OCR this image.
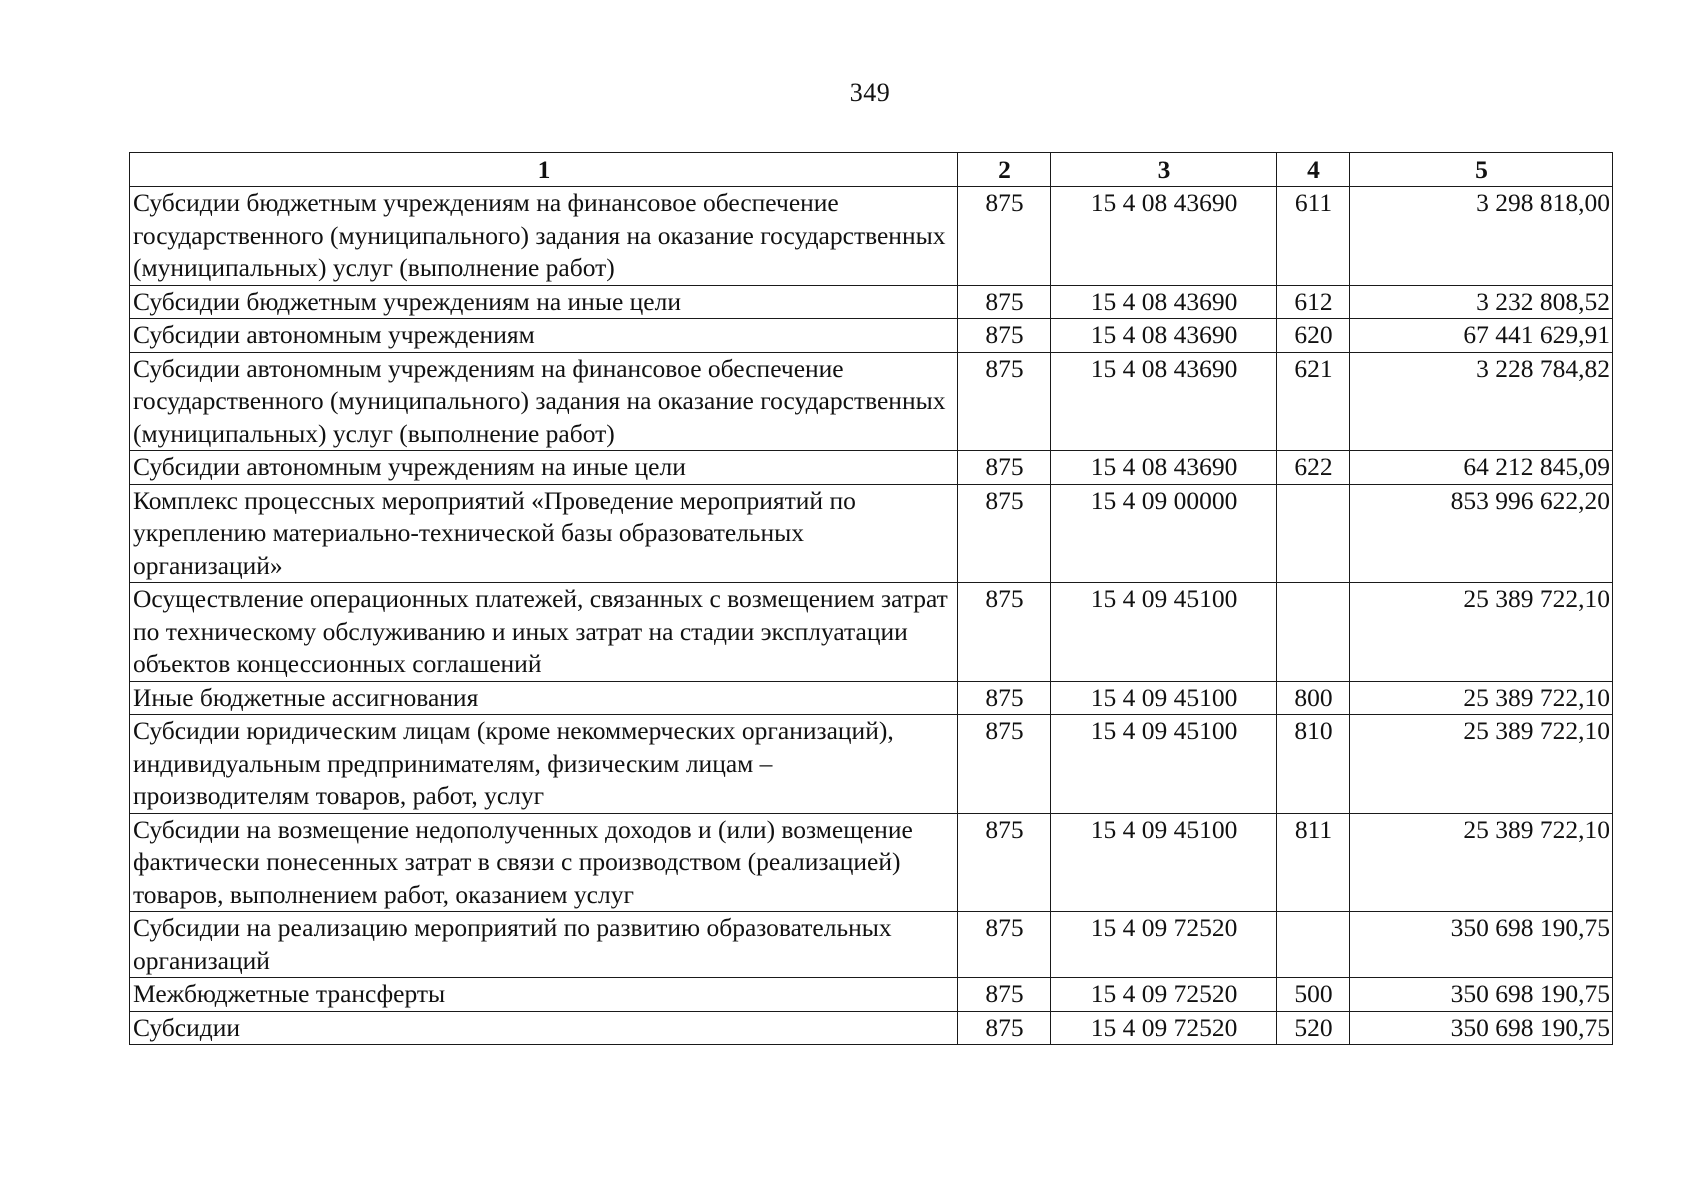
349
1	2	3	4	5
Субсидии бюджетным учреждениям на финансовое обеспечение государственного (муниципального) задания на оказание государственных (муниципальных) услуг (выполнение работ)	875	15 4 08 43690	611	3 298 818,00
Субсидии бюджетным учреждениям на иные цели	875	15 4 08 43690	612	3 232 808,52
Субсидии автономным учреждениям	875	15 4 08 43690	620	67 441 629,91
Субсидии автономным учреждениям на финансовое обеспечение государственного (муниципального) задания на оказание государственных (муниципальных) услуг (выполнение работ)	875	15 4 08 43690	621	3 228 784,82
Субсидии автономным учреждениям на иные цели	875	15 4 08 43690	622	64 212 845,09
Комплекс процессных мероприятий «Проведение мероприятий по укреплению материально-технической базы образовательных организаций»	875	15 4 09 00000		853 996 622,20
Осуществление операционных платежей, связанных с возмещением затрат по техническому обслуживанию и иных затрат на стадии эксплуатации объектов концессионных соглашений	875	15 4 09 45100		25 389 722,10
Иные бюджетные ассигнования	875	15 4 09 45100	800	25 389 722,10
Субсидии юридическим лицам (кроме некоммерческих организаций), индивидуальным предпринимателям, физическим лицам – производителям товаров, работ, услуг	875	15 4 09 45100	810	25 389 722,10
Субсидии на возмещение недополученных доходов и (или) возмещение фактически понесенных затрат в связи с производством (реализацией) товаров, выполнением работ, оказанием услуг	875	15 4 09 45100	811	25 389 722,10
Субсидии на реализацию мероприятий по развитию образовательных организаций	875	15 4 09 72520		350 698 190,75
Межбюджетные трансферты	875	15 4 09 72520	500	350 698 190,75
Субсидии	875	15 4 09 72520	520	350 698 190,75
